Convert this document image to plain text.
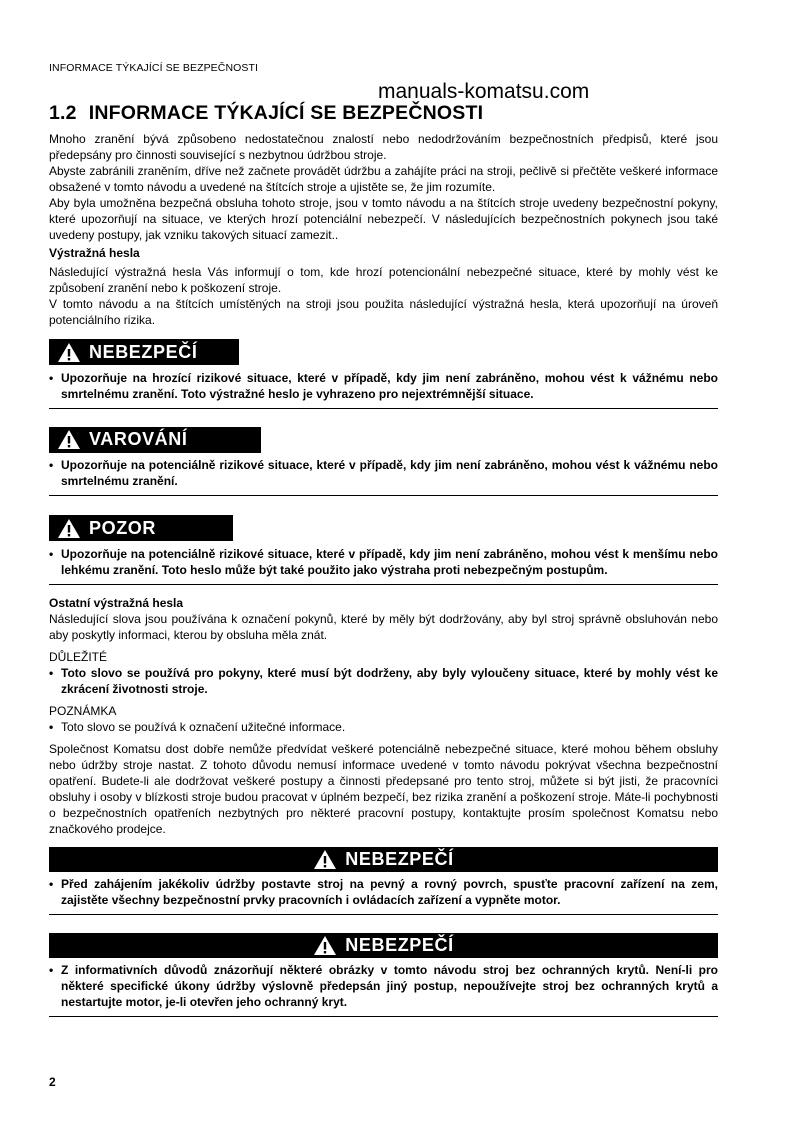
INFORMACE TÝKAJÍCÍ SE BEZPEČNOSTI
manuals-komatsu.com
1.2 INFORMACE TÝKAJÍCÍ SE BEZPEČNOSTI

Mnoho zranění bývá způsobeno nedostatečnou znalostí nebo nedodržováním bezpečnostních předpisů, které jsou předepsány pro činnosti související s nezbytnou údržbou stroje.

Abyste zabránili zraněním, dříve než začnete provádět údržbu a zahájíte práci na stroji, pečlivě si přečtěte veškeré informace obsažené v tomto návodu a uvedené na štítcích stroje a ujistěte se, že jim rozumíte.

Aby byla umožněna bezpečná obsluha tohoto stroje, jsou v tomto návodu a na štítcích stroje uvedeny bezpečnostní pokyny, které upozorňují na situace, ve kterých hrozí potenciální nebezpečí. V následujících bezpečnostních pokynech jsou také uvedeny postupy, jak vzniku takových situací zamezit..

Výstražná hesla

Následující výstražná hesla Vás informují o tom, kde hrozí potencionální nebezpečné situace, které by mohly vést ke způsobení zranění nebo k poškození stroje.

V tomto návodu a na štítcích umístěných na stroji jsou použita následující výstražná hesla, která upozorňují na úroveň potenciálního rizika.

NEBEZPEČÍ
• Upozorňuje na hrozící rizikové situace, které v případě, kdy jim není zabráněno, mohou vést k vážnému nebo smrtelnému zranění. Toto výstražné heslo je vyhrazeno pro nejextrémnější situace.
VAROVÁNÍ
• Upozorňuje na potenciálně rizikové situace, které v případě, kdy jim není zabráněno, mohou vést k vážnému nebo smrtelnému zranění.
POZOR
• Upozorňuje na potenciálně rizikové situace, které v případě, kdy jim není zabráněno, mohou vést k menšímu nebo lehkému zranění. Toto heslo může být také použito jako výstraha proti nebezpečným postupům.
Ostatní výstražná hesla

Následující slova jsou používána k označení pokynů, které by měly být dodržovány, aby byl stroj správně obsluhován nebo aby poskytly informaci, kterou by obsluha měla znát.

DŮLEŽITÉ
• Toto slovo se používá pro pokyny, které musí být dodrženy, aby byly vyloučeny situace, které by mohly vést ke zkrácení životnosti stroje.
POZNÁMKA
• Toto slovo se používá k označení užitečné informace.

Společnost Komatsu dost dobře nemůže předvídat veškeré potenciálně nebezpečné situace, které mohou během obsluhy nebo údržby stroje nastat. Z tohoto důvodu nemusí informace uvedené v tomto návodu pokrývat všechna bezpečnostní opatření. Budete-li ale dodržovat veškeré postupy a činnosti předepsané pro tento stroj, můžete si být jisti, že pracovníci obsluhy i osoby v blízkosti stroje budou pracovat v úplném bezpečí, bez rizika zranění a poškození stroje. Máte-li pochybnosti o bezpečnostních opatřeních nezbytných pro některé pracovní postupy, kontaktujte prosím společnost Komatsu nebo značkového prodejce.

NEBEZPEČÍ
• Před zahájením jakékoliv údržby postavte stroj na pevný a rovný povrch, spusťte pracovní zařízení na zem, zajistěte všechny bezpečnostní prvky pracovních i ovládacích zařízení a vypněte motor.
NEBEZPEČÍ
• Z informativních důvodů znázorňují některé obrázky v tomto návodu stroj bez ochranných krytů. Není-li pro některé specifické úkony údržby výslovně předepsán jiný postup, nepoužívejte stroj bez ochranných krytů a nestartujte motor, je-li otevřen jeho ochranný kryt.
2
